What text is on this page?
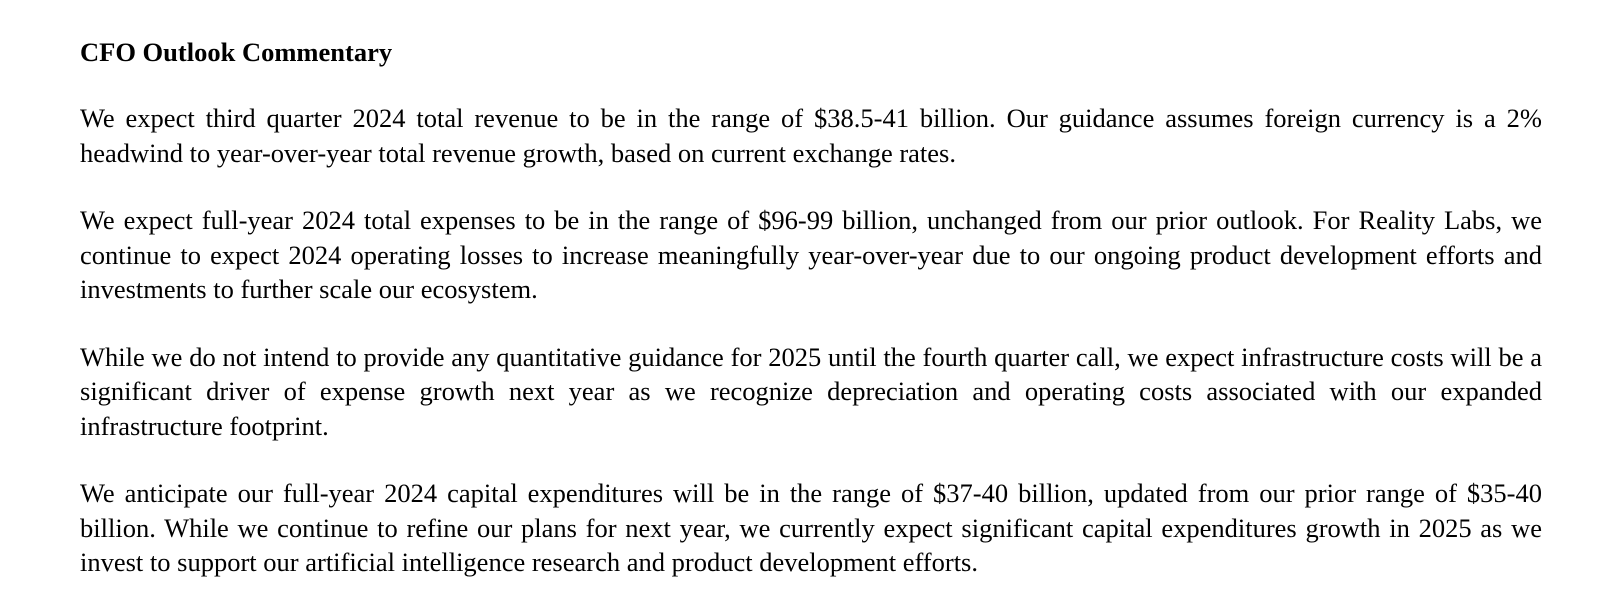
CFO Outlook Commentary

We expect third quarter 2024 total revenue to be in the range of $38.5-41 billion. Our guidance assumes foreign currency is a 2% headwind to year-over-year total revenue growth, based on current exchange rates.

We expect full-year 2024 total expenses to be in the range of $96-99 billion, unchanged from our prior outlook. For Reality Labs, we continue to expect 2024 operating losses to increase meaningfully year-over-year due to our ongoing product development efforts and investments to further scale our ecosystem.

While we do not intend to provide any quantitative guidance for 2025 until the fourth quarter call, we expect infrastructure costs will be a significant driver of expense growth next year as we recognize depreciation and operating costs associated with our expanded infrastructure footprint.

We anticipate our full-year 2024 capital expenditures will be in the range of $37-40 billion, updated from our prior range of $35-40 billion. While we continue to refine our plans for next year, we currently expect significant capital expenditures growth in 2025 as we invest to support our artificial intelligence research and product development efforts.
